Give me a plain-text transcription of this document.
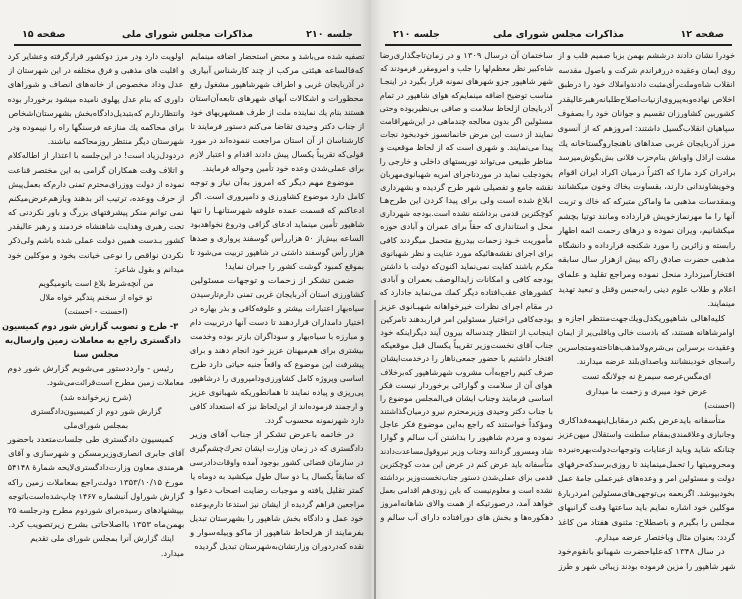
جلسه ۲۱۰
مذاکرات مجلس شورای ملی
صفحه ۱۵
تصفیه شده می‌باشد و محض استحضار اضافه مینمایم
که‌فالساعه هیئتی مرکب از چند کارشناس آبیاری
در آذربایجان غربی و اطراف شهرشاهپور مشغول رفع
محظورات و اشکالات آبهای شهرهای تابعه‌آن‌استان
هستند بنام یك نماینده ملت از طرف همشهریهای خود
از جناب دکتر وحیدی تقاضا می‌کنم دستور فرمایند تا
کارشناسان از آن استان مراجعت ننموده‌اند در مورد
قولی‌که تقریباً یکسال پیش دادند اقدام و اعتبار لازم
برای عملی‌شدن وعده خود تأمین وحواله فرمایند.
موضوع مهم دیگر که امروز به‌آن نیاز و توجه
کامل دارد موضوع کشاورزی و دامپروری است. اگر
ادعاکنم که قسمت عمده علوفه شهرستانهـا را تنها
شاهپور تأمین مینماید ادعای گزافی ودروغ نخواهدبود
الساعه بیش‌از ۵۰ هزاررأس گوسفند پرواری و صدها
هزار رأس گوسفند داشتی در شاهپور تربیت می‌شود تا
بموقع کمبود گوشت کشور را جبران نماید!
ضمن تشکر از زحمات و توجهات مسئولین
کشاورزی استان آذربایجان غربی تمنی دارم‌تارسیدن
سیاه‌بهار اعتبارات بیشتر و علوفه‌کافی و بذر بهاره در
اختیار دامداران قراردهند تا دست آنها درتربیت دام
و مبارزه با سیاه‌بهار و سوداگران بازتر بوده وخدمت
بیشتری برای هم‌میهنان عزیز خود انجام دهند و برای
پیشرفت این موضوع که واقعاً جنبه حیاتی دارد طرح
اساسی وپروژه کامل کشاورزی‌ودامپروری را درشاهپور
پی‌ریزی و پیاده نمایند تا همانطوریکه شهبانوی عزیز
و ارجمند فرموده‌اند از این‌لحاظ نیز که استعداد کافی
دارد شهرنمونه محسوب گردد.
در خاتمه باعرض تشکر از جناب آقای وزیر
دادگستری که در زمان وزارت ایشان تحرك‌چشم‌گیری
در سازمان قضائی کشور بوجود آمده واوقات‌دادرسی
که سابقاً یکسال یـا دو سال طول میکشید به دوماه یا
کمتر تقلیل یافته و موجبات رضایت اصحاب دعوا و
مراجعین فراهم گردیده از ایشان نیز استدعا دارم‌بوعده
خود عمل و دادگاه بخش شاهپور را بشهرستان تبدیل
بفرمایند از هرلحاظ شاهپور از ماکو وبیله‌سوار و
نقده که‌دردوران وزارتشان‌به‌شهرستان تبدیل گردیده
اولویت دارد ودر مرز دوکشور قرارگرفته وعشایر کرد
و اقلیت های مذهبی و فرق مختلفه در این شهرستان از
عدل وداد مخصوص از خانه‌های انصاف و شوراهای
داوری که بنام عدل پهلوی نامیده میشود برخوردار بوده
وانتظاردارم که‌بتبدیل‌دادگاه‌بخش بشهرستان‌اشخاص
برای محاکمه یك منازعه فرسنگها راه را نپیموده ودر
شهرستان دیگر منتظر روزمحاکمه نباشند.
دردودل‌زیاد است! در این‌جلسه با اعتذار از اطاله‌کلام
و اتلاف وقت همکاران گرامی به این مختصر قناعت
نموده از دولت ووزرای‌محترم تمنی دارم‌که بعمل‌پیش
از حرف ووعده، ترتیب اثر بدهند وبازهم‌عرض‌میکنم
نمی توانم منکر پیشرفتهای بزرگ و باور نکردنی که
تحت رهبری وهدایت شاهنشاه خردمند و رهبر عالیقدر
کشور بـدست همین دولت عملی شده باشم ولی‌ذکر
نکردن نواقص را نوعی خیانت بخود و موکلین خود
میدانم و بقول شاعر:
من آنچه‌شرط بلاغ است باتومیگویم
تو خواه از سخنم پندگیر خواه ملال
(احسنت - احسنت)
۳- طرح و تصویب گزارش شور دوم کمیسیون
دادگستری راجع به معاملات زمین وارسال‌به
مجلس سنا
رئیس - وارددستور می‌شویم گزارش شور دوم
معاملات زمین مطرح است‌قرائت‌می‌شود.
(شرح زیرخوانده شد)
گزارش شور دوم از کمیسیون‌دادگستری
بمجلس شورای‌ملی
کمیسیون دادگستری طی جلسات‌متعدد باحضور
آقای جابری انصاری‌وزیرمسکن و شهرسازی و آقای
هرمندی معاون وزارت‌دادگستری‌لایحه شمارهٔ ۵۴۱۴۸
مورخ ۱۳۵۳/۱۰/۱۵ دولت‌راجع بمعاملات زمین راکه
گزارش شوراول آنبشماره ۱۴۶۷ چاپ‌شده‌است‌باتوجه
بپیشنهادهای رسیده‌برای شوردوم مطرح ودرجلسه ۲۵
بهمن‌ماه ۱۳۵۳ بااصلاحاتی بشرح زیرتصویب کرد.
اینك گزارش آنرا بمجلس شورای ملی تقدیم
میدارد.
صفحه ۱۲
مذاکرات مجلس شورای ملی
جلسه ۲۱۰
خودرا نشان دادند درششم بهمن بزبا صمیم قلب و از
روی ایمان وعقیده دررفراندم شرکت و باصول مقدسه
انقلاب شاه‌وملت‌رأی‌مثبت دادندواملاك خود را درطبق
اخلاص نهاده‌وبه‌پیروی‌ازنیات‌اصلاح‌طلبانه‌رهبرعالیقدر
کشوربین کشاورزان تقسیم و جوانان خود را بصفوف
سپاهیان انقلاب‌گسیل داشتند: امروزهم که از آنسوی
مرز آذربایجان غربی صداهای ناهنجاروگستاخانه یك
مشت اراذل واوباش بنام‌حزب فلانی بش‌بگوش‌میرسد
برادران کرد مارا که اکثراً درمیان اکراد ایران اقوام
وخویشاوندانی دارند، بقساوت بخاك وخون میکشانند
وبمقدسات مذهبی ما واماکن متبرکه که خاك و تربت
آنها را ما مهرنمازخویش قرارداده ومانند توتیا بچشم
میکشانیم، ویران نموده و درهای رحمت ائمه اطهار
رابسته و زائرین را مورد شکنجه قرارداده و دانشگاه
مذهبی حضرت صادق راکه بیش ازهزار سال سابقه
افتخارآمیزدارد منحل نموده ومراجع تقلید و علمای
اعلام و طلاب علوم دینی رابه‌حبس وقتل و تبعید تهدید
مینمایند.
کلیه‌اهالی شاهپوریکدل‌ویك‌جهت‌منتظر اجازه و
اوامرشاهانه هستند، که بادست خالی وباقلبی‌پر از ایمان
وعقیدت برسراین بی‌شرم‌ولامذهب‌هاتاخته‌ومتجاسرین
راسجای خودبنشانند وباصدای‌بلند عرضه میدارند.
ای‌مگس‌عرصه سیمرغ نه جولانگه تست
عرض خود میبری و زحمت ما میداری
(احسنت)
متأسفانه بایدعرض بکنم درمقابل‌اینهمه‌فداکاری
وجانبازی وعلاقمندی‌بمقام سلطنت واستقلال میهن‌عزیز
چنانکه شاید وباید ازعنایات وتوجهات‌دولت‌بهره‌نبرده
ومحرومیتها را تحمل‌مینمایند تا روزی‌برسدکه‌حرفهای
دولت و مسئولین امر و وعده‌های غیرعملی جامهٔ عمل
بخودبپوشد. اگربعمه بی‌توجهی‌های‌مسئولین امردربارهٔ
موکلین خود اشاره نمایم باید ساعتها وقت گرانبهای
مجلس را بگیرم و باصطلاح: مثنوی هفتاد من کاغذ
گردد: بعنوان مثال وباختصار عرضه میدارم.
در سال ۱۳۴۸ که‌علیاحضرت شهبانو بانقوم‌خود
شهر شاهپور را مزین فرموده بودند زیبائی شهر و طرز
ساختمان آن درسال ۱۳۰۹ و در زمان‌تاجگذاری‌رضا
شاه‌کبیر نظر معظم‌لها را جلب و امرومقرر فرمودند که
شهر شاهپور جزو شهرهای نمونه قرار بگیرد در اینجـا
مناسب توضیح اضافه مینمایم‌که هوای شاهپور در تمام
آذربایجان ازلحاظ سلامت و صافی بی‌نظیربوده وحتی
مسئولین اگر بدون معالجه چندماهی در این‌شهراقامت
نمایند از دست این مرض خانمانسوز خودبخود نجات
پیدا می‌نمایند. و شهری است که از لحاظ موقعیت و
مناظر طبیعی می‌تواند توریستهای داخلی و خارجی را
بخودجلب نماید در موردناجرای امریه شهبانوی‌مهربان
نقشه جامع و تفصیلی شهر طرح گردیده و بشهرداری
ابلاغ شده است ولی برای پیدا کردن این طرح‌هـا
کوچکترین قدمی برداشته نشده است.بودجه شهرداری
محل و استانداری که حقاً برای عمران و آبادی حوزه
مأموریت خـود زحمات بیدریغ متحمل میگردند کافی
برای اجرای نقشه‌هائیکه مورد عنایت و نظر شهبانوی
مکرم باشند کفایت نمی‌نماید اکنون‌که دولت با داشتن
بودجه کافی و امکانات زایدالوصف بعمران و آبادی
کشورهای عقب‌افتاده دیگر کمك می‌نماید جادارد که
در مقام اجرای نظرات خیرخواهانه شهبـانوی عزیز
بودجه‌کافی دراختیار مسئولین امر قراربدهند تامرکین
اینجانب از انتظار چندساله بیرون آیند دیگراینکه خود
جناب آقای نخست‌وزیر تقریباً یکسال قبل موقعیکه
افتخار داشتیم با حضور جمعی‌ناهار را درخدمت‌ایشان
صرف کنیم راجع‌به‌آب مشروب شهرشاهپور که‌برخلاف
هوای آن از سلامت و گوارائی برخوردار نیست فکر
اساسی فرمایند وجناب ایشان فی‌المجلس موضوع را
با جناب دکتر وحیدی وزیرمحترم نیرو درمیان‌گذاشتند
ومؤکداً خواستند که راجع به‌این موضوع فکر عاجل
نموده و مردم شاهپور را بداشتن آب سالم و گوارا
شاد ومسرور گردانند وجناب وزیر نیروقول‌مساعدت‌دادند
متأسفانه باید عرض کنم در عرض این مدت کوچکترین
قدمی برای عملی‌شدن دستور جناب‌نخست‌وزیر برداشته
نشده است و معلوم‌نیست که باین زودی‌هم اقدامی بعمل
خواهد آمد، درصورتیکه از همت والای شاهانه‌امروز
دهکوره‌ها و بخش های دورافتاده دارای آب سالم و
